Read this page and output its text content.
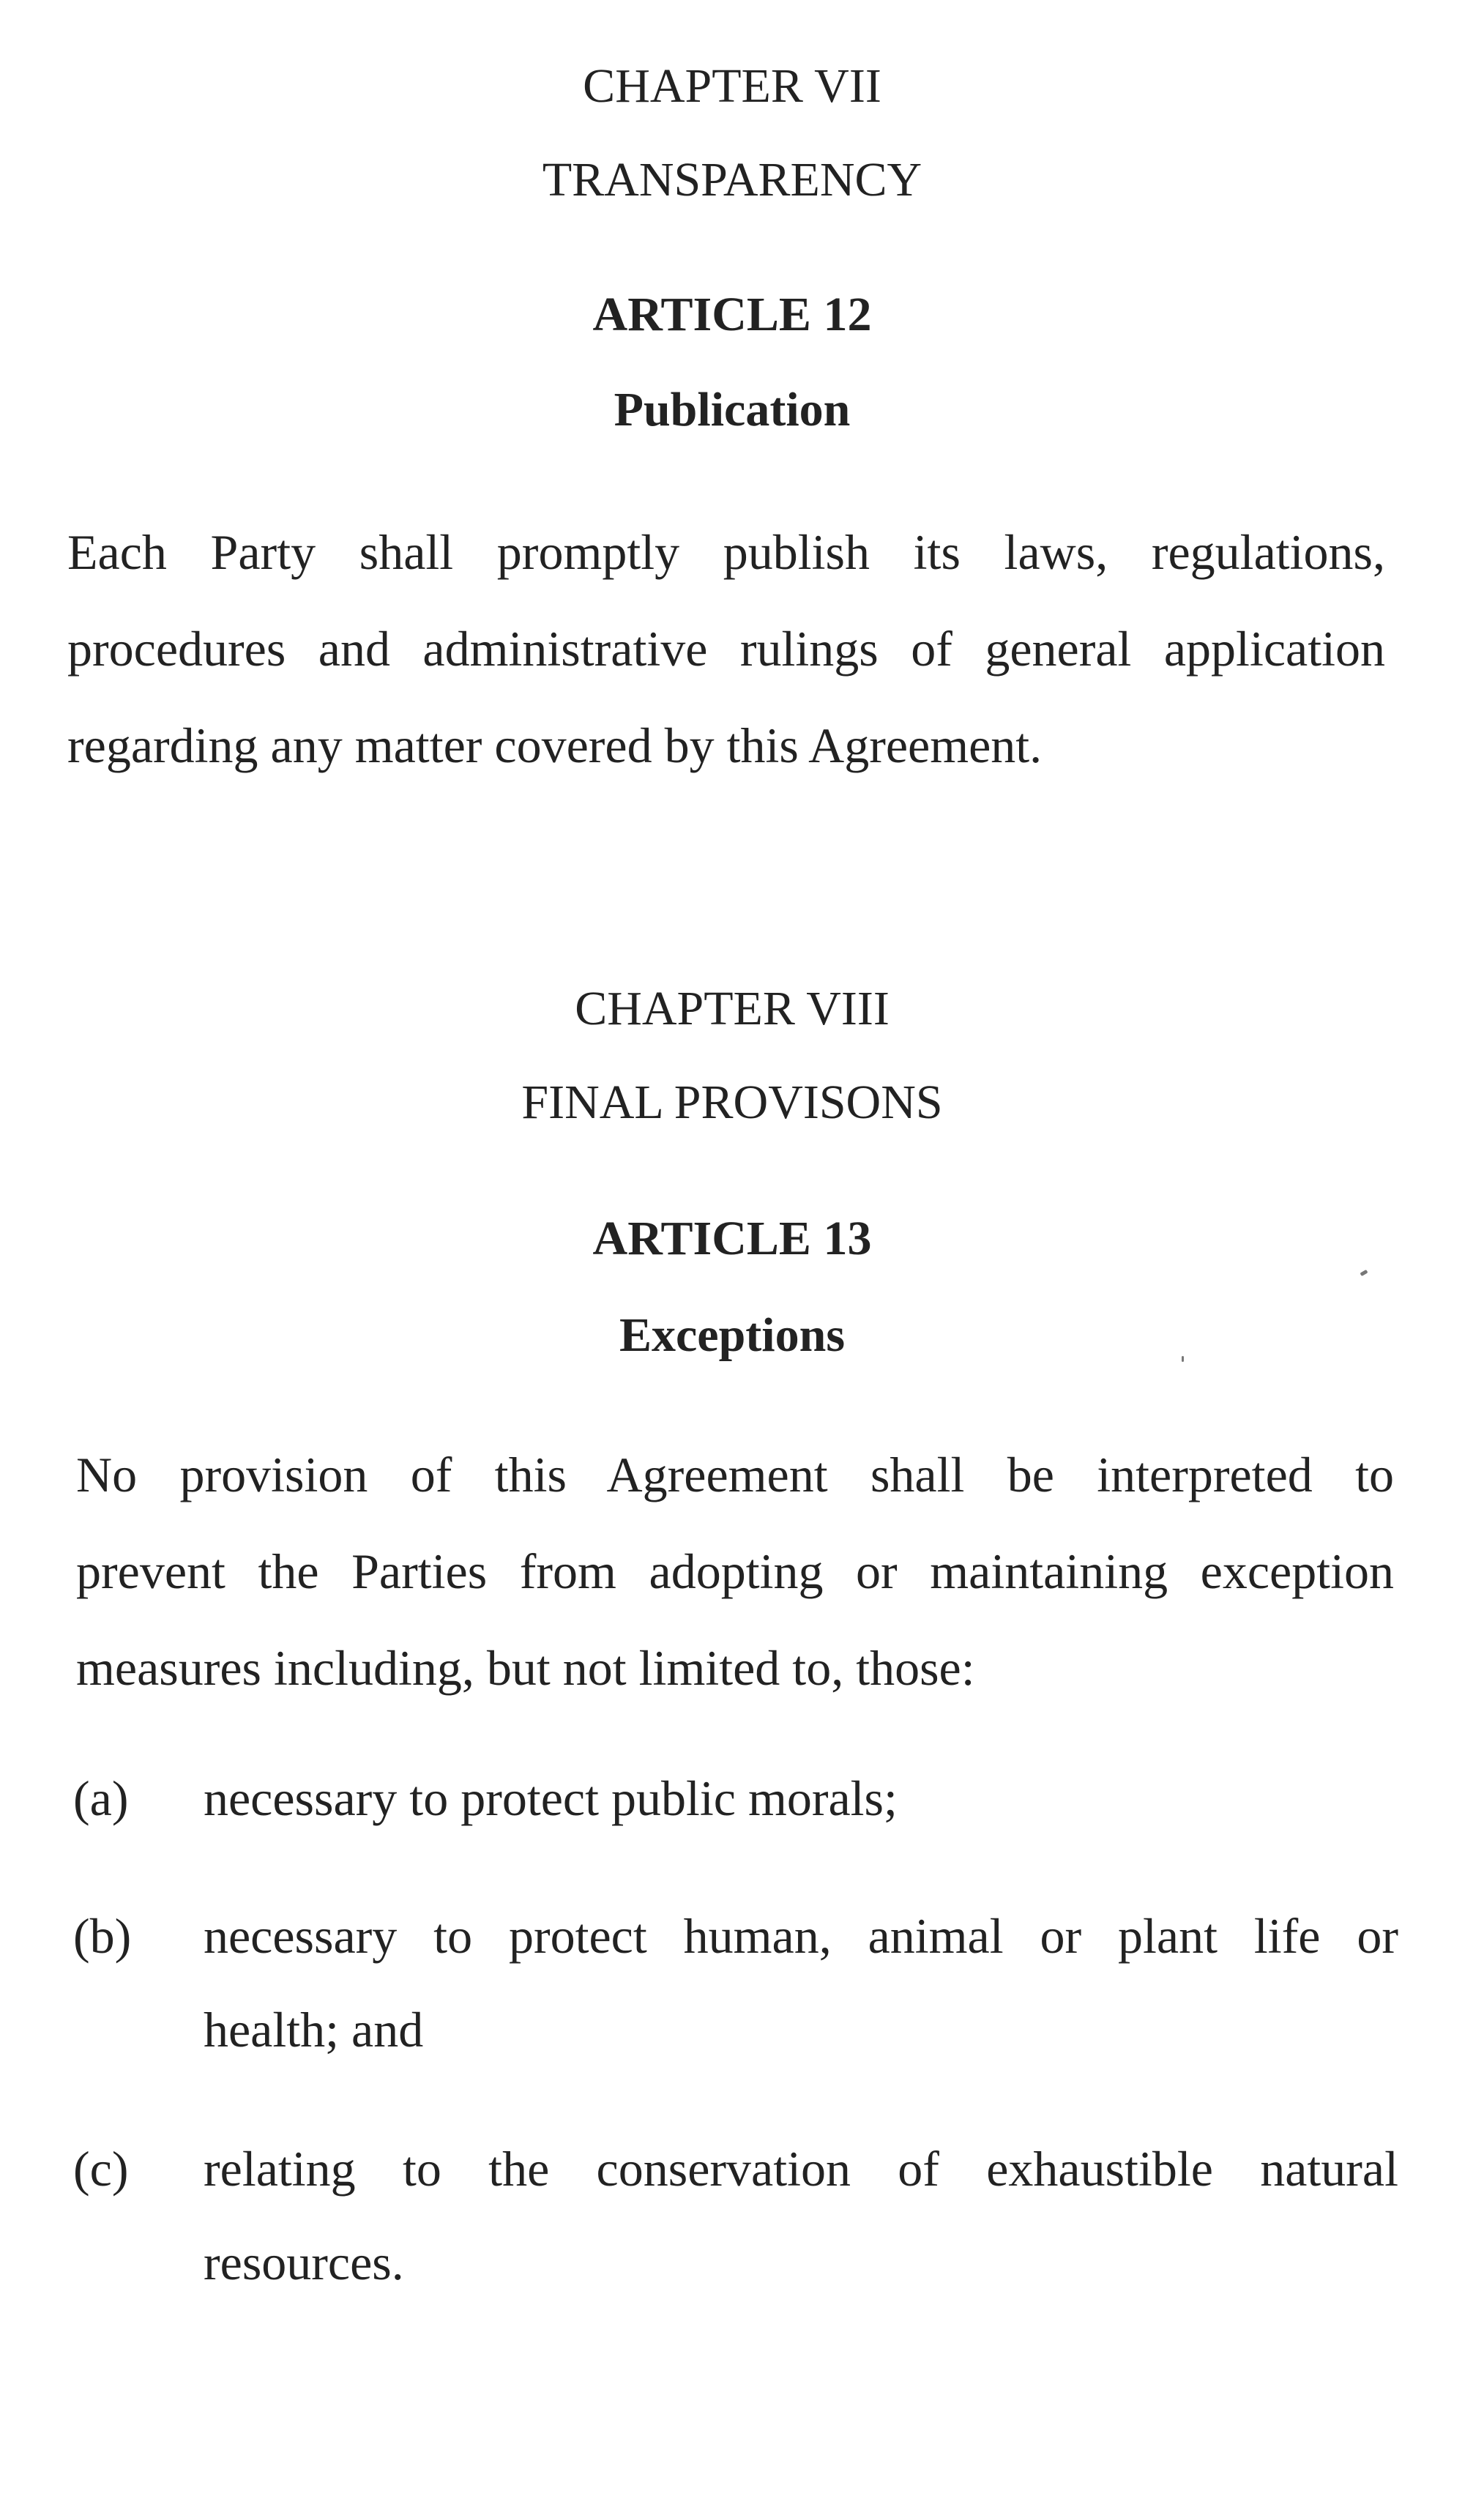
CHAPTER VII
TRANSPARENCY
ARTICLE 12
Publication
Each Party shall promptly publish its laws, regulations,
procedures and administrative rulings of general application
regarding any matter covered by this Agreement.
CHAPTER VIII
FINAL PROVISONS
ARTICLE 13
Exceptions
No provision of this Agreement shall be interpreted to
prevent the Parties from adopting or maintaining exception
measures including, but not limited to, those:
(a)	necessary to protect public morals;
(b)	necessary to protect human, animal or plant life or
health; and
(c)	relating to the conservation of exhaustible natural
resources.
